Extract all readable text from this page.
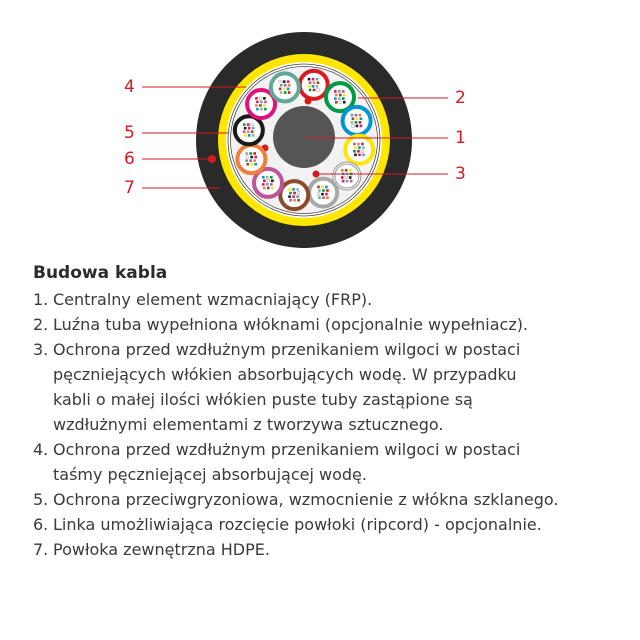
4
5
6
7
2
1
3
Budowa kabla
1. Centralny element wzmacniający (FRP).
2. Luźna tuba wypełniona włóknami (opcjonalnie wypełniacz).
3. Ochrona przed wzdłużnym przenikaniem wilgoci w postaci
pęczniejących włókien absorbujących wodę. W przypadku
kabli o małej ilości włókien puste tuby zastąpione są
wzdłużnymi elementami z tworzywa sztucznego.
4. Ochrona przed wzdłużnym przenikaniem wilgoci w postaci
taśmy pęczniejącej absorbującej wodę.
5. Ochrona przeciwgryzoniowa, wzmocnienie z włókna szklanego.
6. Linka umożliwiająca rozcięcie powłoki (ripcord) - opcjonalnie.
7. Powłoka zewnętrzna HDPE.
